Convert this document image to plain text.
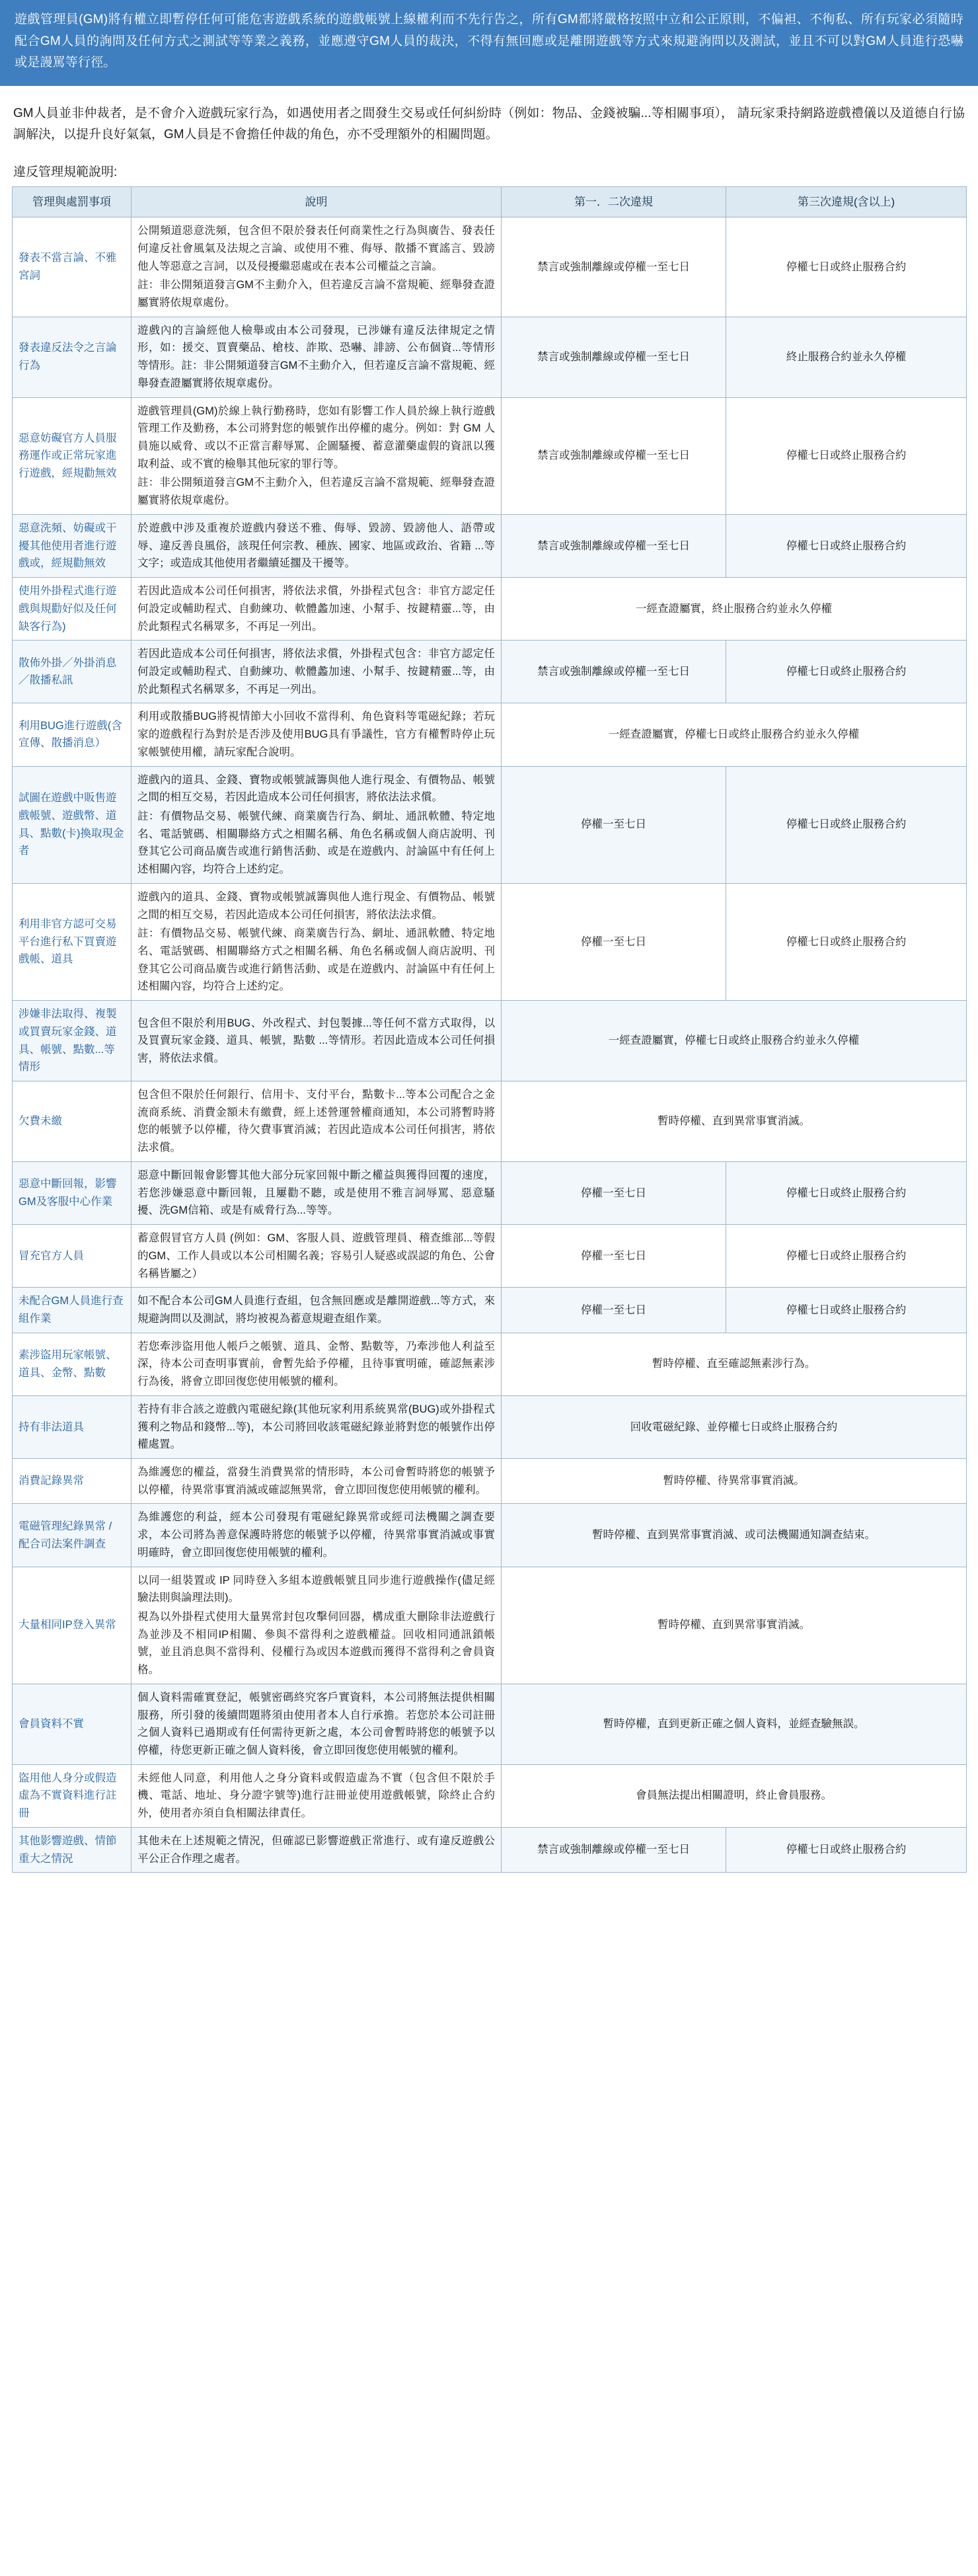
遊戲管理員(GM)將有權立即暫停任何可能危害遊戲系統的遊戲帳號上線權利而不先行告之，所有GM都將嚴格按照中立和公正原則，不偏袒、不徇私、所有玩家必須隨時配合GM人員的詢問及任何方式之測試等等業之義務，並應遵守GM人員的裁決，不得有無回應或是離開遊戲等方式來規避詢問以及測試，並且不可以對GM人員進行恐嚇或是謾罵等行徑。
GM人員並非仲裁者，是不會介入遊戲玩家行為，如遇使用者之間發生交易或任何糾紛時（例如：物品、金錢被騙...等相關事項）， 請玩家秉持網路遊戲禮儀以及道德自行協調解決，以提升良好氣氣，GM人員是不會擔任仲裁的角色，亦不受理額外的相關問題。
違反管理規範說明:
管理與處罰事項	說明	第一．二次違規	第三次違規(含以上)
發表不當言論、不雅宮詞	公開頻道惡意洗頻，包含但不限於發表任何商業性之行為與廣告、發表任何違反社會風氣及法規之言論、或使用不雅、侮辱、散播不實謠言、毀謗他人等惡意之言詞，以及侵擾繼惡處或在表本公司權益之言論。

註：非公開頻道發言GM不主動介入，但若違反言論不當規範、經舉發查證屬實將依規章處份。	禁言或強制離線或停權一至七日	停權七日或終止服務合約
發表違反法令之言論行為	遊戲內的言論經他人檢舉或由本公司發現，已涉嫌有違反法律規定之情形，如：援交、買賣藥品、槍枝、詐欺、恐嚇、誹謗、公布個資...等情形等情形。註：非公開頻道發言GM不主動介入，但若違反言論不當規範、經舉發查證屬實將依規章處份。	禁言或強制離線或停權一至七日	終止服務合約並永久停權
惡意妨礙官方人員服務運作或正常玩家進行遊戲，經規勸無效	遊戲管理員(GM)於線上執行勤務時，您如有影響工作人員於線上執行遊戲管理工作及勤務，本公司將對您的帳號作出停權的處分。例如：對 GM 人員施以威脅、或以不正當言辭辱罵、企圖騷擾、蓄意灌藥虛假的資訊以獲取利益、或不實的檢舉其他玩家的罪行等。

註：非公開頻道發言GM不主動介入，但若違反言論不當規範、經舉發查證屬實將依規章處份。	禁言或強制離線或停權一至七日	停權七日或終止服務合約
惡意洗頻、妨礙或干擾其他使用者進行遊戲或，經規勸無效	於遊戲中涉及重複於遊戲内發送不雅、侮辱、毀謗、毀謗他人、語帶或辱、違反善良風俗，該現任何宗教、種族、國家、地區或政治、省籍 ...等文字；或造成其他使用者繼續延擱及干擾等。	禁言或強制離線或停權一至七日	停權七日或終止服務合約
使用外掛程式進行遊戲與規勸好似及任何缺客行為)	若因此造成本公司任何損害，將依法求償，外掛程式包含：非官方認定任何設定或輔助程式、自動練功、軟體蠡加速、小幫手、按鍵精靈...等，由於此類程式名稱眾多，不再足一列出。	一經查證屬實，終止服務合約並永久停權	
散佈外掛／外掛消息／散播私訊	若因此造成本公司任何損害，將依法求償，外掛程式包含：非官方認定任何設定或輔助程式、自動練功、軟體蠡加速、小幫手、按鍵精靈...等，由於此類程式名稱眾多，不再足一列出。	禁言或強制離線或停權一至七日	停權七日或終止服務合約
利用BUG進行遊戲(含宣傳、散播消息）	利用或散播BUG將視情節大小回收不當得利、角色資料等電磁紀錄；若玩家的遊戲程行為對於是否涉及使用BUG具有爭議性，官方有權暫時停止玩家帳號使用權，請玩家配合說明。	一經查證屬實，停權七日或終止服務合約並永久停權	
試圖在遊戲中販售遊戲帳號、遊戲幣、道具、點數(卡)換取現金者	遊戲內的道具、金錢、寶物或帳號誠籌與他人進行現金、有價物品、帳號之間的相互交易，若因此造成本公司任何損害，將依法法求償。

註：有價物品交易、帳號代練、商業廣告行為、網址、通訊軟體、特定地名、電話號碼、相關聯絡方式之相關名稱、角色名稱或個人商店說明、刊登其它公司商品廣告或進行銷售活動、或是在遊戲内、討論區中有任何上述相關內容，均符合上述約定。	停權一至七日	停權七日或終止服務合約
利用非官方認可交易平台進行私下買賣遊戲帳、道具	遊戲內的道具、金錢、寶物或帳號誠籌與他人進行現金、有價物品、帳號之間的相互交易，若因此造成本公司任何損害，將依法法求償。

註：有價物品交易、帳號代練、商業廣告行為、網址、通訊軟體、特定地名、電話號碼、相關聯絡方式之相關名稱、角色名稱或個人商店說明、刊登其它公司商品廣告或進行銷售活動、或是在遊戲内、討論區中有任何上述相關內容，均符合上述約定。	停權一至七日	停權七日或終止服務合約
涉嫌非法取得、複製或買賣玩家金錢、道具、帳號、點數...等情形	包含但不限於利用BUG、外改程式、封包製據...等任何不當方式取得，以及買賣玩家金錢、道具、帳號，點數 ...等情形。若因此造成本公司任何損害，將依法求償。	一經查證屬實，停權七日或終止服務合約並永久停權	
欠費未繳	包含但不限於任何銀行、信用卡、支付平台，點數卡...等本公司配合之金流商系統、消費金額未有繳費，經上述營運營權商通知，本公司將暫時將您的帳號予以停權，待欠費事實消滅；若因此造成本公司任何損害，將依法求償。	暫時停權、直到異常事實消滅。	
惡意中斷回報，影響GM及客服中心作業	惡意中斷回報會影響其他大部分玩家回報中斷之權益與獲得回覆的速度，若您涉嫌惡意中斷回報，且屢勸不聽，或是使用不雅言詞辱罵、惡意騷擾、洗GM信箱、或是有威脅行為...等等。	停權一至七日	停權七日或終止服務合約
冒充官方人員	蓄意假冒官方人員 (例如：GM、客服人員、遊戲管理員、稽查維部...等假的GM、工作人員或以本公司相關名義；容易引人疑惑或誤認的角色、公會名稱皆屬之）	停權一至七日	停權七日或終止服務合約
未配合GM人員進行查組作業	如不配合本公司GM人員進行查組，包含無回應或是離開遊戲...等方式，來規避詢問以及測試，將均被視為蓄意規避查組作業。	停權一至七日	停權七日或終止服務合約
素涉盜用玩家帳號、道具、金幣、點數	若您牽涉盜用他人帳戶之帳號、道具、金幣、點數等，乃牽涉他人利益至深，待本公司查明事實前，會暫先給予停權，且待事實明確，確認無素涉行為後，將會立即回復您使用帳號的權利。	暫時停權、直至確認無素涉行為。	
持有非法道具	若持有非合該之遊戲內電磁紀錄(其他玩家利用系統異常(BUG)或外掛程式獲利之物品和錢幣...等)，本公司將回收該電磁紀錄並將對您的帳號作出停權處置。	回收電磁紀錄、並停權七日或終止服務合約	
消費記錄異常	為維護您的權益，當發生消費異常的情形時，本公司會暫時將您的帳號予以停權，待異常事實消滅或確認無異常，會立即回復您使用帳號的權利。	暫時停權、待異常事實消滅。	
電磁管理紀錄異常 / 配合司法案件調查	為維護您的利益，經本公司發現有電磁紀錄異常或經司法機關之調查要求，本公司將為善意保護時將您的帳號予以停權，待異常事實消滅或事實明確時，會立即回復您使用帳號的權利。	暫時停權、直到異常事實消滅、或司法機關通知調查結束。	
大量相同IP登入異常	以同一組裝置或 IP 同時登入多組本遊戲帳號且同步進行遊戲操作(儘足經驗法則與論理法則)。

視為以外掛程式使用大量異常封包攻擊伺回器，構成重大刪除非法遊戲行為並涉及不相同IP相關、參與不當得利之遊戲權益。回收相同通訊鎖帳號，並且消息與不當得利、侵權行為或因本遊戲而獲得不當得利之會員資格。	暫時停權、直到異常事實消滅。	
會員資料不實	個人資料需確實登記，帳號密碼終究客戶實資料，本公司將無法提供相關服務，所引發的後續問題將須由使用者本人自行承擔。若您於本公司註冊之個人資料已過期或有任何需待更新之處，本公司會暫時將您的帳號予以停權，待您更新正確之個人資料後，會立即回復您使用帳號的權利。	暫時停權，直到更新正確之個人資料，並經查驗無誤。	
盜用他人身分或假造虛為不實資料進行註冊	未經他人同意，利用他人之身分資料或假造虛為不實（包含但不限於手機、電話、地址、身分證字號等)進行註冊並使用遊戲帳號，除終止合約外，使用者亦須自負相關法律責任。	會員無法提出相關證明，終止會員服務。	
其他影響遊戲、情節重大之情況	其他未在上述規範之情況，但確認已影響遊戲正常進行、或有違反遊戲公平公正合作理之處者。	禁言或強制離線或停權一至七日	停權七日或終止服務合約
